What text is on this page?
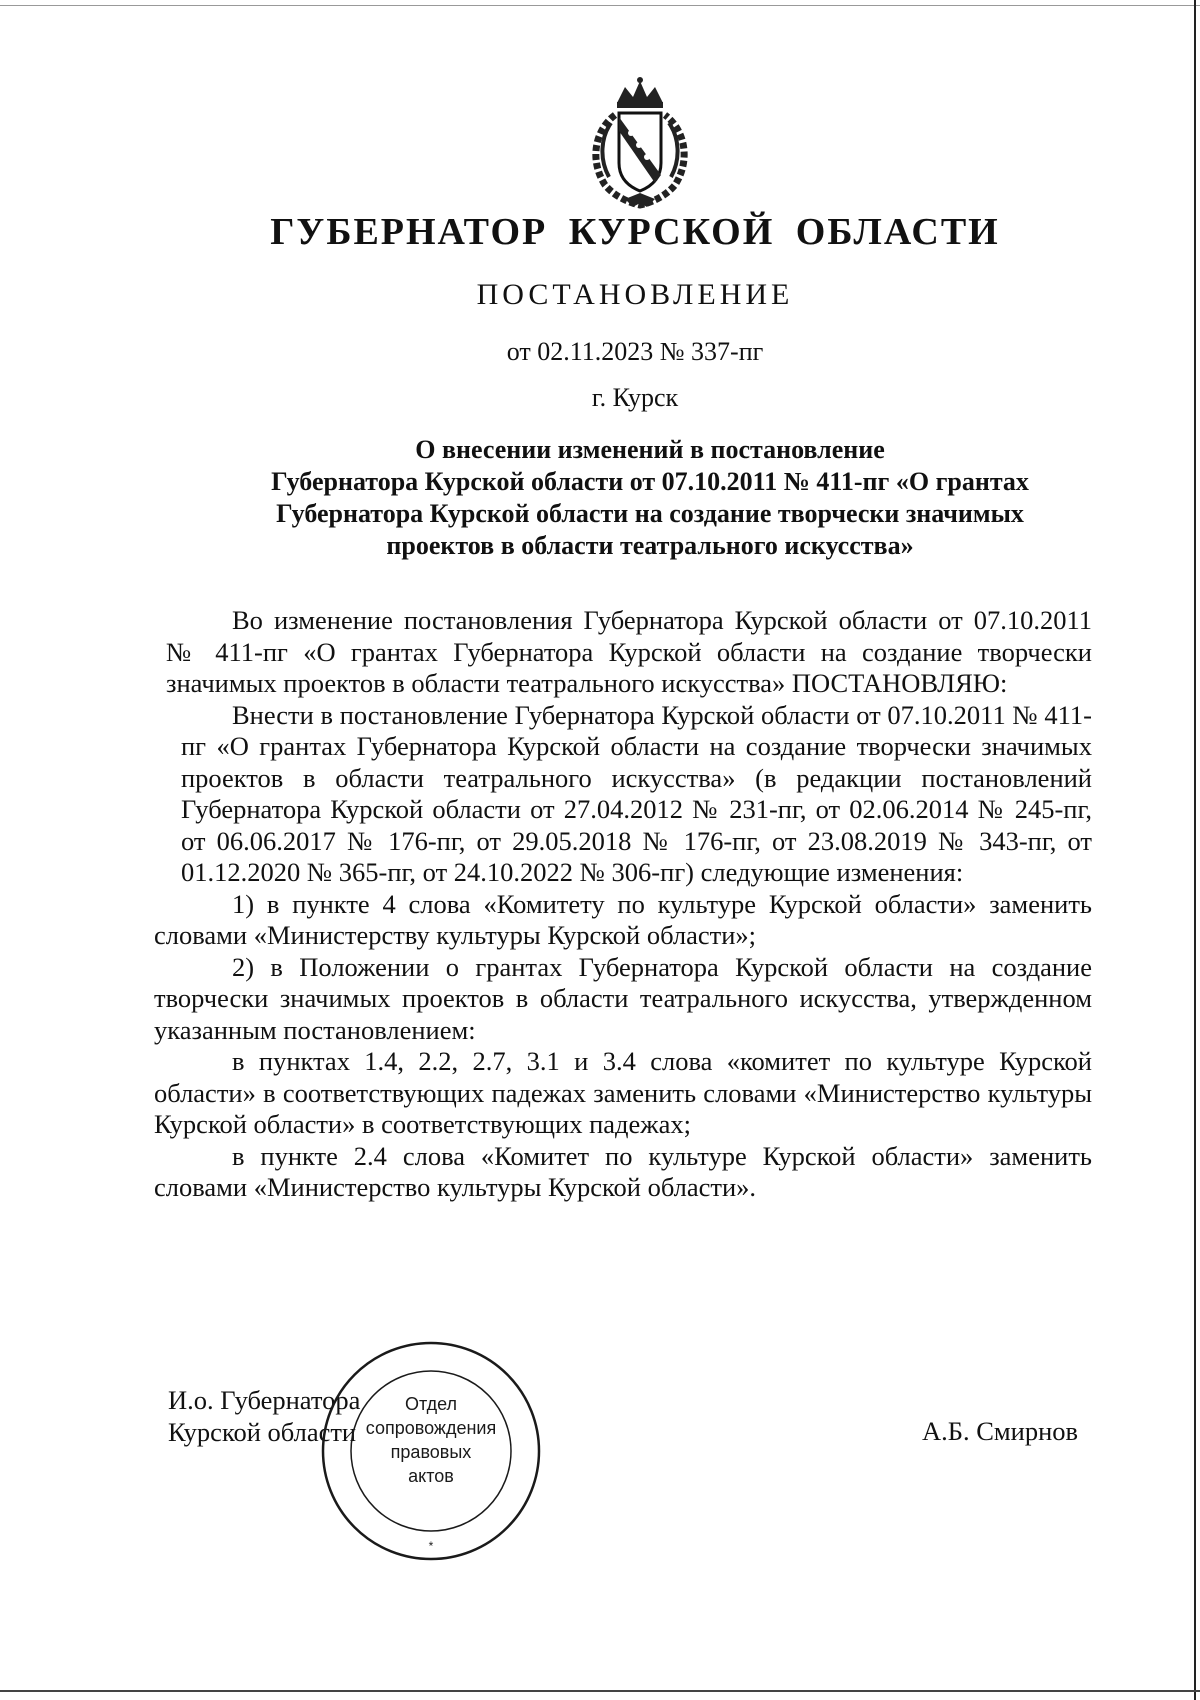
ГУБЕРНАТОР КУРСКОЙ ОБЛАСТИ
ПОСТАНОВЛЕНИЕ
от 02.11.2023 № 337-пг
г. Курск
О внесении изменений в постановление
Губернатора Курской области от 07.10.2011 № 411-пг «О грантах
Губернатора Курской области на создание творчески значимых
проектов в области театрального искусства»

Во изменение постановления Губернатора Курской области от 07.10.2011 № 411-пг «О грантах Губернатора Курской области на создание творчески значимых проектов в области театрального искусства» ПОСТАНОВЛЯЮ:

Внести в постановление Губернатора Курской области от 07.10.2011 № 411-пг «О грантах Губернатора Курской области на создание творчески значимых проектов в области театрального искусства» (в редакции постановлений Губернатора Курской области от 27.04.2012 № 231-пг, от 02.06.2014 № 245-пг, от 06.06.2017 № 176-пг, от 29.05.2018 № 176-пг, от 23.08.2019 № 343-пг, от 01.12.2020 № 365-пг, от 24.10.2022 № 306-пг) следующие изменения:

1) в пункте 4 слова «Комитету по культуре Курской области» заменить словами «Министерству культуры Курской области»;

2) в Положении о грантах Губернатора Курской области на создание творчески значимых проектов в области театрального искусства, утвержденном указанным постановлением:

в пунктах 1.4, 2.2, 2.7, 3.1 и 3.4 слова «комитет по культуре Курской области» в соответствующих падежах заменить словами «Министерство культуры Курской области» в соответствующих падежах;

в пункте 2.4 слова «Комитет по культуре Курской области» заменить словами «Министерство культуры Курской области».

И.о. Губернатора
Курской области	А.Б. Смирнов
*
Отдел
сопровождения
правовых
актов
